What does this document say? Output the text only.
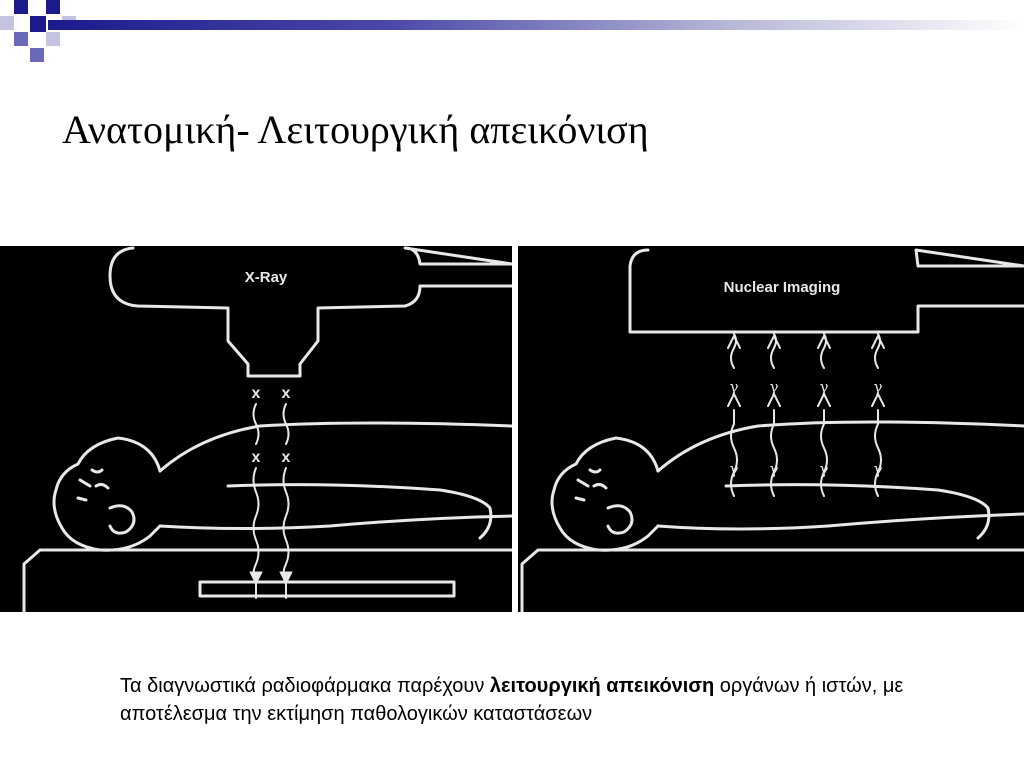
Ανατομική- Λειτουργική απεικόνιση
X-Ray
x x
x x
Nuclear Imaging
γ γ	γ	γ
γ γ	γ	γ

Τα διαγνωστικά ραδιοφάρμακα παρέχουν λειτουργική απεικόνιση οργάνων ή ιστών, με αποτέλεσμα την εκτίμηση παθολογικών καταστάσεων
